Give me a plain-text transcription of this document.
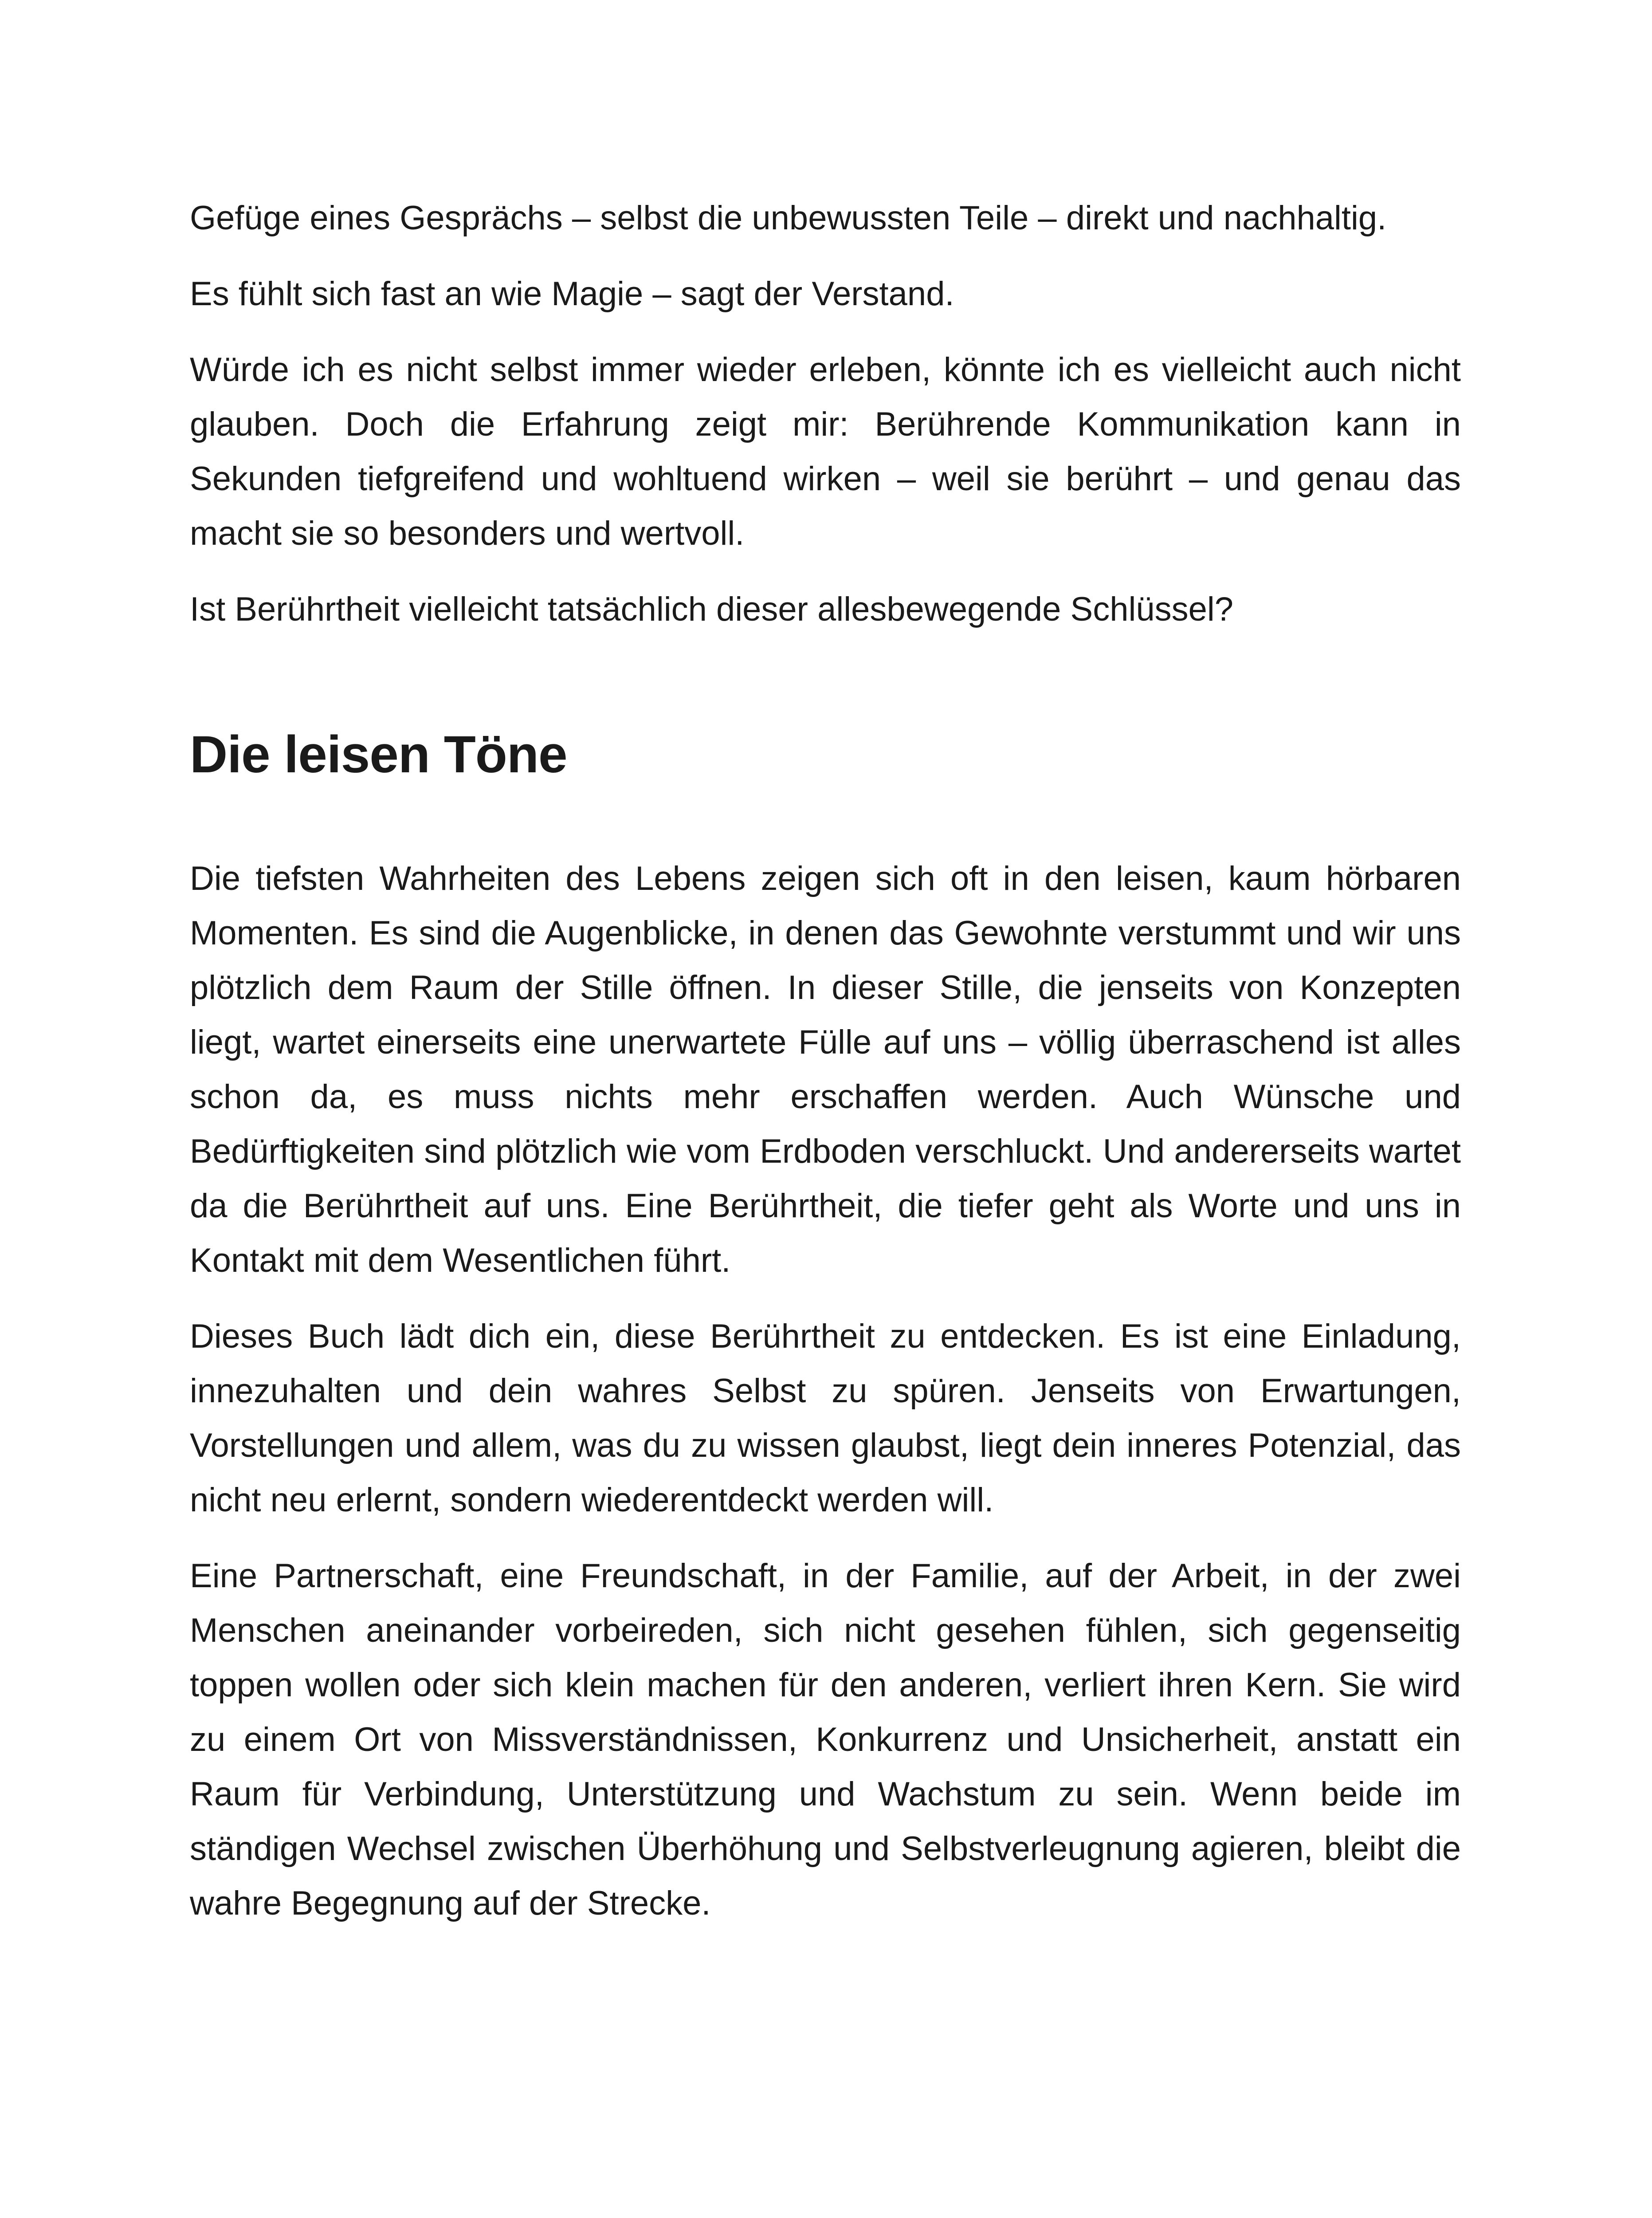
Gefüge eines Gesprächs – selbst die unbewussten Teile – direkt und nachhaltig.

Es fühlt sich fast an wie Magie – sagt der Verstand.

Würde ich es nicht selbst immer wieder erleben, könnte ich es vielleicht auch nicht glauben. Doch die Erfahrung zeigt mir: Berührende Kommunikation kann in Sekunden tiefgreifend und wohltuend wirken – weil sie berührt – und genau das macht sie so besonders und wertvoll.

Ist Berührtheit vielleicht tatsächlich dieser allesbewegende Schlüssel?

Die leisen Töne

Die tiefsten Wahrheiten des Lebens zeigen sich oft in den leisen, kaum hörbaren Momenten. Es sind die Augenblicke, in denen das Gewohnte verstummt und wir uns plötzlich dem Raum der Stille öffnen. In dieser Stille, die jenseits von Konzepten liegt, wartet einerseits eine unerwartete Fülle auf uns – völlig überraschend ist alles schon da, es muss nichts mehr erschaffen werden. Auch Wünsche und Bedürftigkeiten sind plötzlich wie vom Erdboden verschluckt. Und andererseits wartet da die Berührtheit auf uns. Eine Berührtheit, die tiefer geht als Worte und uns in Kontakt mit dem Wesentlichen führt.

Dieses Buch lädt dich ein, diese Berührtheit zu entdecken. Es ist eine Einladung, innezuhalten und dein wahres Selbst zu spüren. Jenseits von Erwartungen, Vorstellungen und allem, was du zu wissen glaubst, liegt dein inneres Potenzial, das nicht neu erlernt, sondern wiederentdeckt werden will.

Eine Partnerschaft, eine Freundschaft, in der Familie, auf der Arbeit, in der zwei Menschen aneinander vorbeireden, sich nicht gesehen fühlen, sich gegenseitig toppen wollen oder sich klein machen für den anderen, verliert ihren Kern. Sie wird zu einem Ort von Missverständnissen, Konkurrenz und Unsicherheit, anstatt ein Raum für Verbindung, Unterstützung und Wachstum zu sein. Wenn beide im ständigen Wechsel zwischen Überhöhung und Selbstverleugnung agieren, bleibt die wahre Begegnung auf der Strecke.
